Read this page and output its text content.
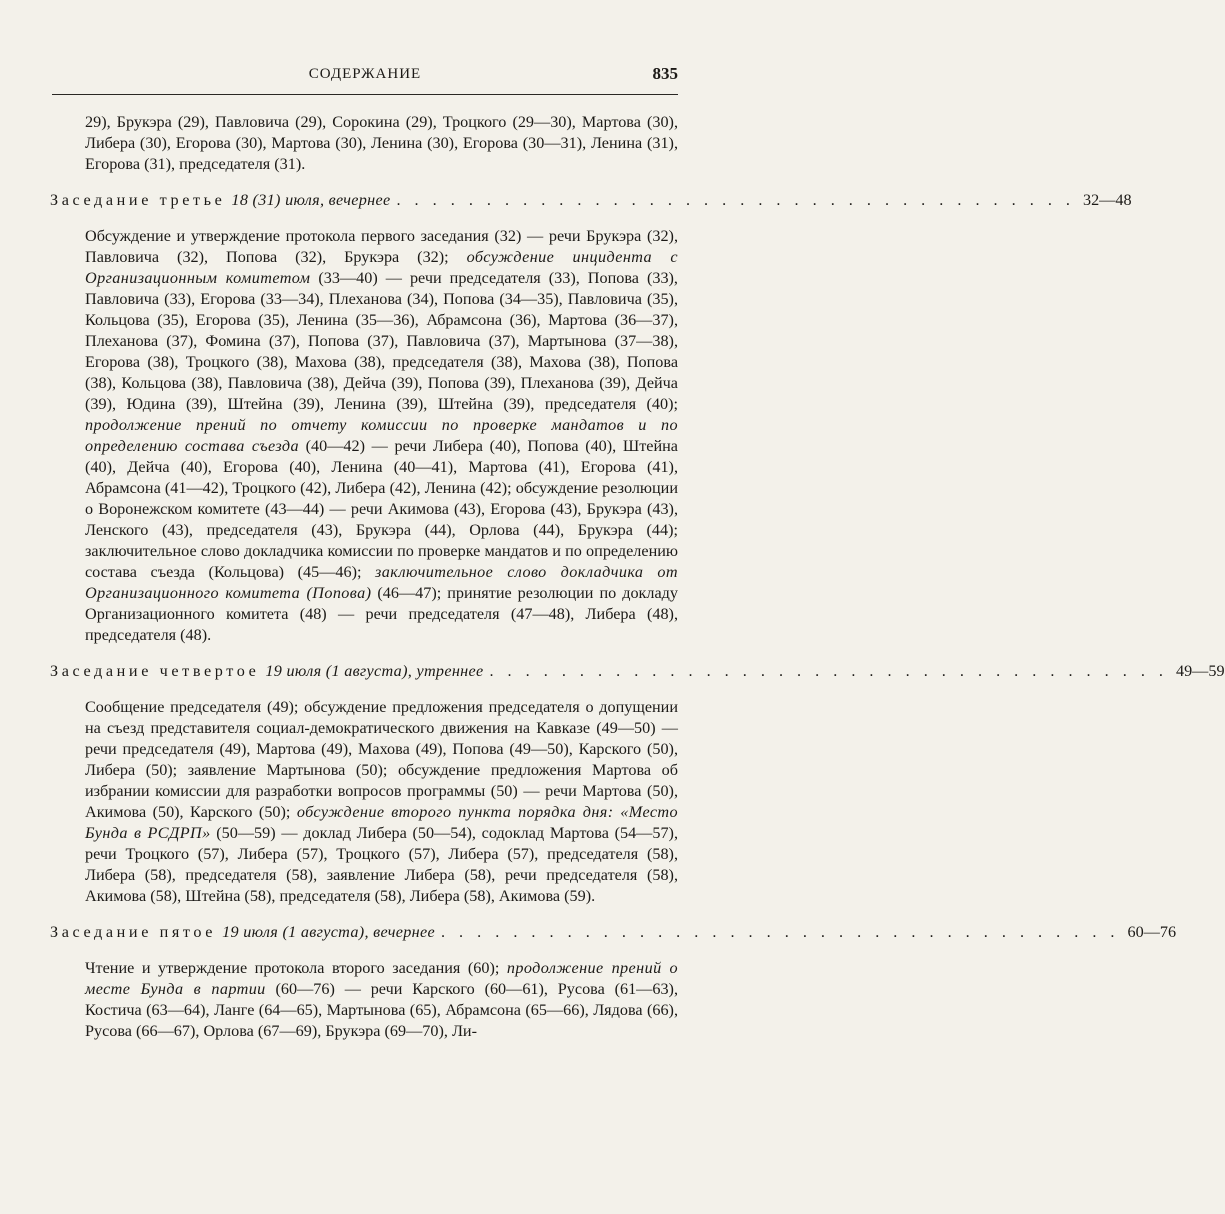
СОДЕРЖАНИЕ	835

29), Брукэра (29), Павловича (29), Сорокина (29), Троцкого (29—30), Мартова (30), Либера (30), Егорова (30), Мартова (30), Ленина (30), Егорова (30—31), Ленина (31), Егорова (31), председателя (31).

Заседание третье 18 (31) июля, вечернее . . . . . . . . . . . . . . . . . . . . . . . . . . . . . . . . . . . . . . 32—48

Обсуждение и утверждение протокола первого заседания (32) — речи Брукэра (32), Павловича (32), Попова (32), Брукэра (32); обсуждение инцидента с Организационным комитетом (33—40) — речи председателя (33), Попова (33), Павловича (33), Егорова (33—34), Плеханова (34), Попова (34—35), Павловича (35), Кольцова (35), Егорова (35), Ленина (35—36), Абрамсона (36), Мартова (36—37), Плеханова (37), Фомина (37), Попова (37), Павловича (37), Мартынова (37—38), Егорова (38), Троцкого (38), Махова (38), председателя (38), Махова (38), Попова (38), Кольцова (38), Павловича (38), Дейча (39), Попова (39), Плеханова (39), Дейча (39), Юдина (39), Штейна (39), Ленина (39), Штейна (39), председателя (40); продолжение прений по отчету комиссии по проверке мандатов и по определению состава съезда (40—42) — речи Либера (40), Попова (40), Штейна (40), Дейча (40), Егорова (40), Ленина (40—41), Мартова (41), Егорова (41), Абрамсона (41—42), Троцкого (42), Либера (42), Ленина (42); обсуждение резолюции о Воронежском комитете (43—44) — речи Акимова (43), Егорова (43), Брукэра (43), Ленского (43), председателя (43), Брукэра (44), Орлова (44), Брукэра (44); заключительное слово докладчика комиссии по проверке мандатов и по определению состава съезда (Кольцова) (45—46); заключительное слово докладчика от Организационного комитета (Попова) (46—47); принятие резолюции по докладу Организационного комитета (48) — речи председателя (47—48), Либера (48), председателя (48).

Заседание четвертое 19 июля (1 августа), утреннее . . . . . . . . . . . . . . . . . . . . . . . . . . . . . . . . . . . . . . 49—59

Сообщение председателя (49); обсуждение предложения председателя о допущении на съезд представителя социал-демократического движения на Кавказе (49—50) — речи председателя (49), Мартова (49), Махова (49), Попова (49—50), Карского (50), Либера (50); заявление Мартынова (50); обсуждение предложения Мартова об избрании комиссии для разработки вопросов программы (50) — речи Мартова (50), Акимова (50), Карского (50); обсуждение второго пункта порядка дня: «Место Бунда в РСДРП» (50—59) — доклад Либера (50—54), содоклад Мартова (54—57), речи Троцкого (57), Либера (57), Троцкого (57), Либера (57), председателя (58), Либера (58), председателя (58), заявление Либера (58), речи председателя (58), Акимова (58), Штейна (58), председателя (58), Либера (58), Акимова (59).

Заседание пятое 19 июля (1 августа), вечернее . . . . . . . . . . . . . . . . . . . . . . . . . . . . . . . . . . . . . . 60—76

Чтение и утверждение протокола второго заседания (60); продолжение прений о месте Бунда в партии (60—76) — речи Карского (60—61), Русова (61—63), Костича (63—64), Ланге (64—65), Мартынова (65), Абрамсона (65—66), Лядова (66), Русова (66—67), Орлова (67—69), Брукэра (69—70), Ли-
